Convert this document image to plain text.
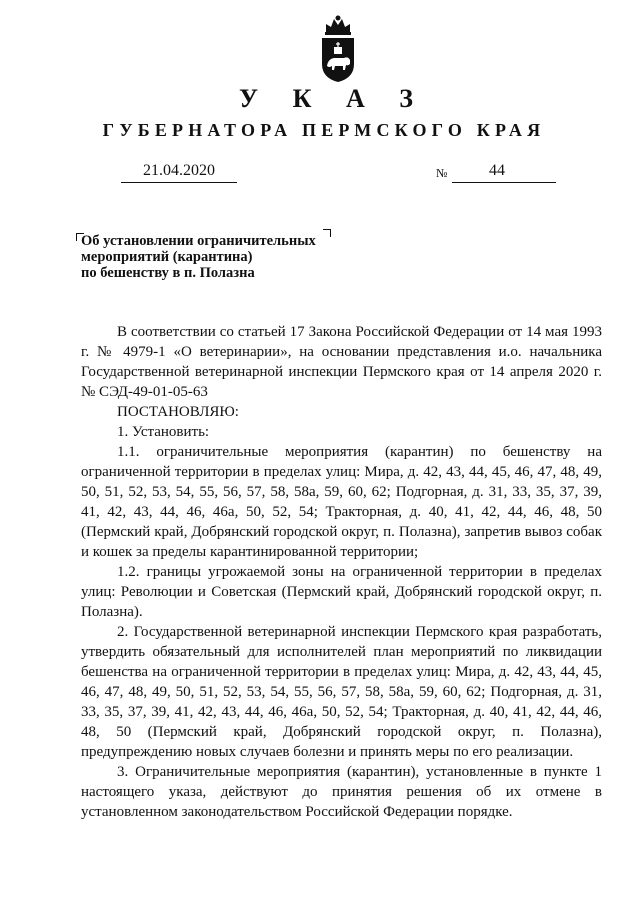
У К А З
ГУБЕРНАТОРА ПЕРМСКОГО КРАЯ
21.04.2020	№	44
Об установлении ограничительных
мероприятий (карантина)
по бешенству в п. Полазна

В соответствии со статьей 17 Закона Российской Федерации от 14 мая 1993 г. № 4979-1 «О ветеринарии», на основании представления и.о. начальника Государственной ветеринарной инспекции Пермского края от 14 апреля 2020 г. № СЭД-49-01-05-63

ПОСТАНОВЛЯЮ:

1. Установить:

1.1. ограничительные мероприятия (карантин) по бешенству на ограниченной территории в пределах улиц: Мира, д. 42, 43, 44, 45, 46, 47, 48, 49, 50, 51, 52, 53, 54, 55, 56, 57, 58, 58а, 59, 60, 62; Подгорная, д. 31, 33, 35, 37, 39, 41, 42, 43, 44, 46, 46а, 50, 52, 54; Тракторная, д. 40, 41, 42, 44, 46, 48, 50 (Пермский край, Добрянский городской округ, п. Полазна), запретив вывоз собак и кошек за пределы карантинированной территории;

1.2. границы угрожаемой зоны на ограниченной территории в пределах улиц: Революции и Советская (Пермский край, Добрянский городской округ, п. Полазна).

2. Государственной ветеринарной инспекции Пермского края разработать, утвердить обязательный для исполнителей план мероприятий по ликвидации бешенства на ограниченной территории в пределах улиц: Мира, д. 42, 43, 44, 45, 46, 47, 48, 49, 50, 51, 52, 53, 54, 55, 56, 57, 58, 58а, 59, 60, 62; Подгорная, д. 31, 33, 35, 37, 39, 41, 42, 43, 44, 46, 46а, 50, 52, 54; Тракторная, д. 40, 41, 42, 44, 46, 48, 50 (Пермский край, Добрянский городской округ, п. Полазна), предупреждению новых случаев болезни и принять меры по его реализации.

3. Ограничительные мероприятия (карантин), установленные в пункте 1 настоящего указа, действуют до принятия решения об их отмене в установленном законодательством Российской Федерации порядке.
